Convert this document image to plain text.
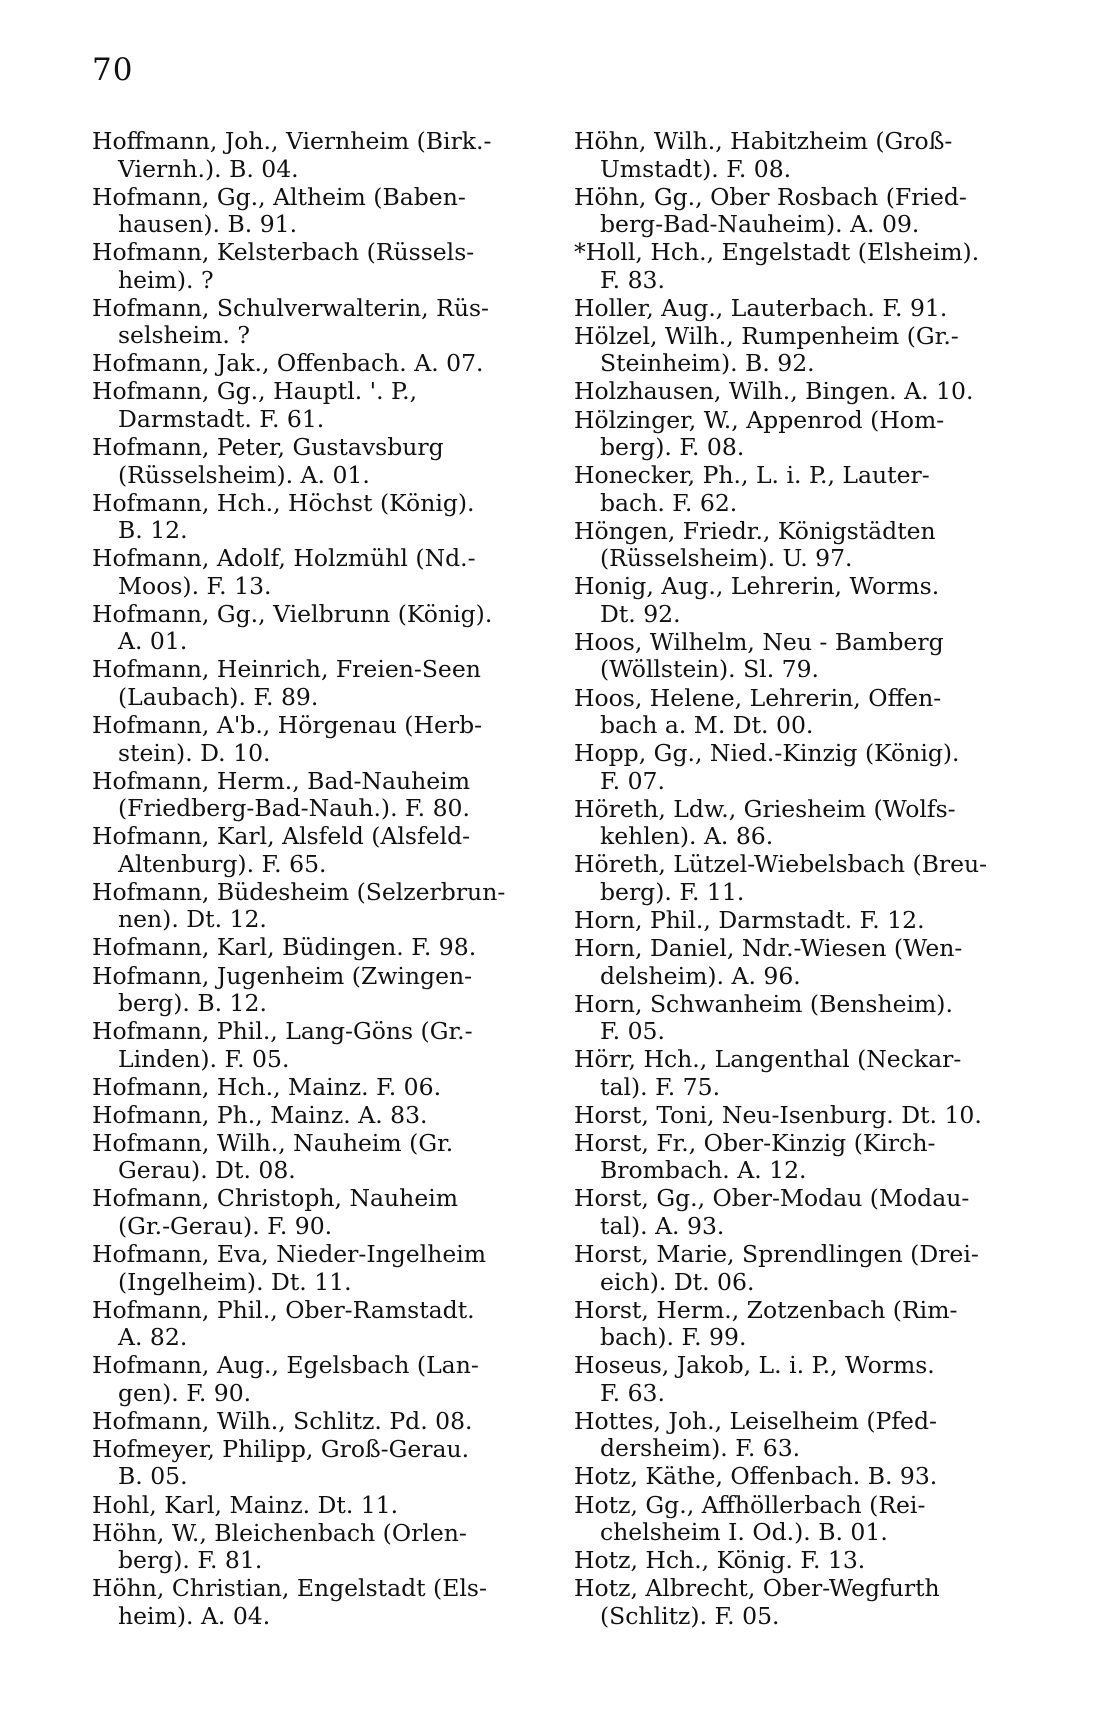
70
Hoffmann, Joh., Viernheim (Birk.-
Viernh.). B. 04.
Hofmann, Gg., Altheim (Baben-
hausen). B. 91.
Hofmann, Kelsterbach (Rüssels-
heim). ?
Hofmann, Schulverwalterin, Rüs-
selsheim. ?
Hofmann, Jak., Offenbach. A. 07.
Hofmann, Gg., Hauptl. '. P.,
Darmstadt. F. 61.
Hofmann, Peter, Gustavsburg
(Rüsselsheim). A. 01.
Hofmann, Hch., Höchst (König).
B. 12.
Hofmann, Adolf, Holzmühl (Nd.-
Moos). F. 13.
Hofmann, Gg., Vielbrunn (König).
A. 01.
Hofmann, Heinrich, Freien-Seen
(Laubach). F. 89.
Hofmann, A'b., Hörgenau (Herb-
stein). D. 10.
Hofmann, Herm., Bad-Nauheim
(Friedberg-Bad-Nauh.). F. 80.
Hofmann, Karl, Alsfeld (Alsfeld-
Altenburg). F. 65.
Hofmann, Büdesheim (Selzerbrun-
nen). Dt. 12.
Hofmann, Karl, Büdingen. F. 98.
Hofmann, Jugenheim (Zwingen-
berg). B. 12.
Hofmann, Phil., Lang-Göns (Gr.-
Linden). F. 05.
Hofmann, Hch., Mainz. F. 06.
Hofmann, Ph., Mainz. A. 83.
Hofmann, Wilh., Nauheim (Gr.
Gerau). Dt. 08.
Hofmann, Christoph, Nauheim
(Gr.-Gerau). F. 90.
Hofmann, Eva, Nieder-Ingelheim
(Ingelheim). Dt. 11.
Hofmann, Phil., Ober-Ramstadt.
A. 82.
Hofmann, Aug., Egelsbach (Lan-
gen). F. 90.
Hofmann, Wilh., Schlitz. Pd. 08.
Hofmeyer, Philipp, Groß-Gerau.
B. 05.
Hohl, Karl, Mainz. Dt. 11.
Höhn, W., Bleichenbach (Orlen-
berg). F. 81.
Höhn, Christian, Engelstadt (Els-
heim). A. 04.
Höhn, Wilh., Habitzheim (Groß-
Umstadt). F. 08.
Höhn, Gg., Ober Rosbach (Fried-
berg-Bad-Nauheim). A. 09.
*Holl, Hch., Engelstadt (Elsheim).
F. 83.
Holler, Aug., Lauterbach. F. 91.
Hölzel, Wilh., Rumpenheim (Gr.-
Steinheim). B. 92.
Holzhausen, Wilh., Bingen. A. 10.
Hölzinger, W., Appenrod (Hom-
berg). F. 08.
Honecker, Ph., L. i. P., Lauter-
bach. F. 62.
Höngen, Friedr., Königstädten
(Rüsselsheim). U. 97.
Honig, Aug., Lehrerin, Worms.
Dt. 92.
Hoos, Wilhelm, Neu - Bamberg
(Wöllstein). Sl. 79.
Hoos, Helene, Lehrerin, Offen-
bach a. M. Dt. 00.
Hopp, Gg., Nied.-Kinzig (König).
F. 07.
Höreth, Ldw., Griesheim (Wolfs-
kehlen). A. 86.
Höreth, Lützel-Wiebelsbach (Breu-
berg). F. 11.
Horn, Phil., Darmstadt. F. 12.
Horn, Daniel, Ndr.-Wiesen (Wen-
delsheim). A. 96.
Horn, Schwanheim (Bensheim).
F. 05.
Hörr, Hch., Langenthal (Neckar-
tal). F. 75.
Horst, Toni, Neu-Isenburg. Dt. 10.
Horst, Fr., Ober-Kinzig (Kirch-
Brombach. A. 12.
Horst, Gg., Ober-Modau (Modau-
tal). A. 93.
Horst, Marie, Sprendlingen (Drei-
eich). Dt. 06.
Horst, Herm., Zotzenbach (Rim-
bach). F. 99.
Hoseus, Jakob, L. i. P., Worms.
F. 63.
Hottes, Joh., Leiselheim (Pfed-
dersheim). F. 63.
Hotz, Käthe, Offenbach. B. 93.
Hotz, Gg., Affhöllerbach (Rei-
chelsheim I. Od.). B. 01.
Hotz, Hch., König. F. 13.
Hotz, Albrecht, Ober-Wegfurth
(Schlitz). F. 05.
